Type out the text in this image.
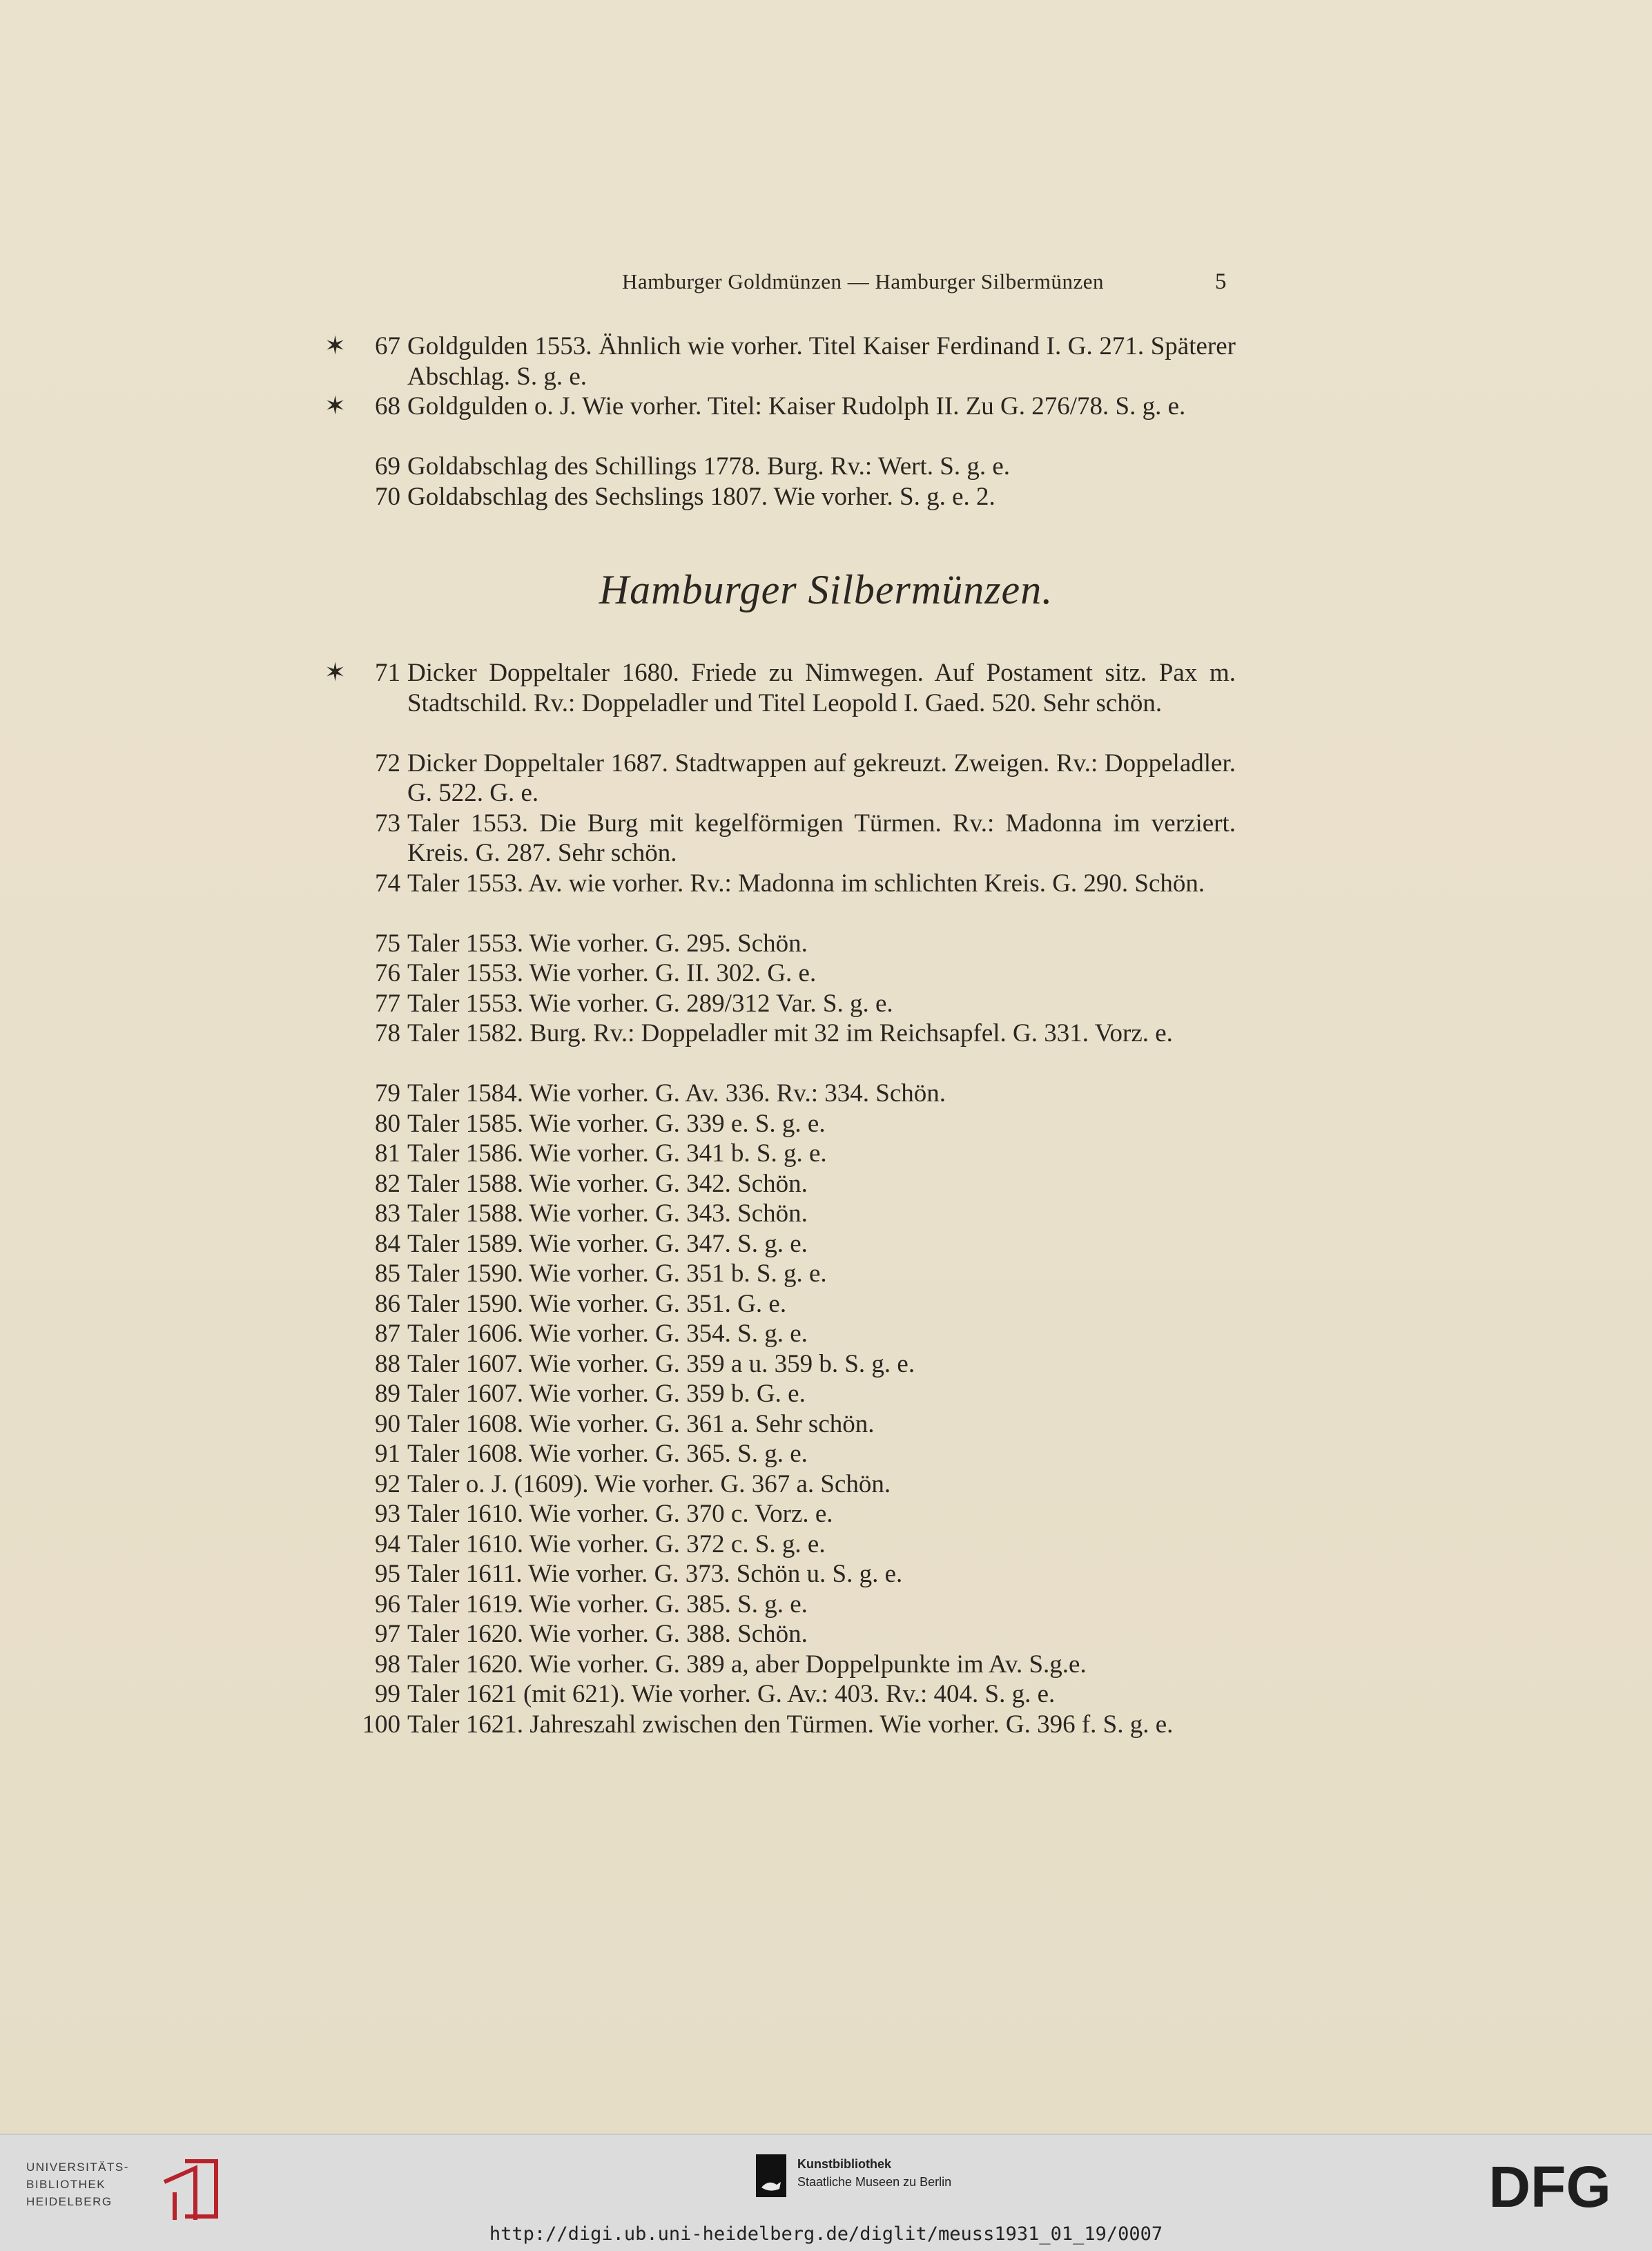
Hamburger Goldmünzen — Hamburger Silbermünzen	5
✶	67 Goldgulden 1553. Ähnlich wie vorher. Titel Kaiser Ferdinand I. G. 271. Späterer Abschlag. S. g. e.
✶	68 Goldgulden o. J. Wie vorher. Titel: Kaiser Rudolph II. Zu G. 276/78. S. g. e.
69 Goldabschlag des Schillings 1778. Burg. Rv.: Wert. S. g. e.
70 Goldabschlag des Sechslings 1807. Wie vorher. S. g. e. 2.
Hamburger Silbermünzen.
✶	71 Dicker Doppeltaler 1680. Friede zu Nimwegen. Auf Postament sitz. Pax m. Stadtschild. Rv.: Doppeladler und Titel Leopold I. Gaed. 520. Sehr schön.
72 Dicker Doppeltaler 1687. Stadtwappen auf gekreuzt. Zweigen. Rv.: Doppeladler. G. 522. G. e.
73 Taler 1553. Die Burg mit kegelförmigen Türmen. Rv.: Madonna im verziert. Kreis. G. 287. Sehr schön.
74 Taler 1553. Av. wie vorher. Rv.: Madonna im schlichten Kreis. G. 290. Schön.
75 Taler 1553. Wie vorher. G. 295. Schön.
76 Taler 1553. Wie vorher. G. II. 302. G. e.
77 Taler 1553. Wie vorher. G. 289/312 Var. S. g. e.
78 Taler 1582. Burg. Rv.: Doppeladler mit 32 im Reichsapfel. G. 331. Vorz. e.
79 Taler 1584. Wie vorher. G. Av. 336. Rv.: 334. Schön.
80 Taler 1585. Wie vorher. G. 339 e. S. g. e.
81 Taler 1586. Wie vorher. G. 341 b. S. g. e.
82 Taler 1588. Wie vorher. G. 342. Schön.
83 Taler 1588. Wie vorher. G. 343. Schön.
84 Taler 1589. Wie vorher. G. 347. S. g. e.
85 Taler 1590. Wie vorher. G. 351 b. S. g. e.
86 Taler 1590. Wie vorher. G. 351. G. e.
87 Taler 1606. Wie vorher. G. 354. S. g. e.
88 Taler 1607. Wie vorher. G. 359 a u. 359 b. S. g. e.
89 Taler 1607. Wie vorher. G. 359 b. G. e.
90 Taler 1608. Wie vorher. G. 361 a. Sehr schön.
91 Taler 1608. Wie vorher. G. 365. S. g. e.
92 Taler o. J. (1609). Wie vorher. G. 367 a. Schön.
93 Taler 1610. Wie vorher. G. 370 c. Vorz. e.
94 Taler 1610. Wie vorher. G. 372 c. S. g. e.
95 Taler 1611. Wie vorher. G. 373. Schön u. S. g. e.
96 Taler 1619. Wie vorher. G. 385. S. g. e.
97 Taler 1620. Wie vorher. G. 388. Schön.
98 Taler 1620. Wie vorher. G. 389 a, aber Doppelpunkte im Av. S.g.e.
99 Taler 1621 (mit 621). Wie vorher. G. Av.: 403. Rv.: 404. S. g. e.
100 Taler 1621. Jahreszahl zwischen den Türmen. Wie vorher. G. 396 f. S. g. e.
UNIVERSITÄTS-
BIBLIOTHEK
HEIDELBERG
Kunstbibliothek
Staatliche Museen zu Berlin	DFG
http://digi.ub.uni-heidelberg.de/diglit/meuss1931_01_19/0007
